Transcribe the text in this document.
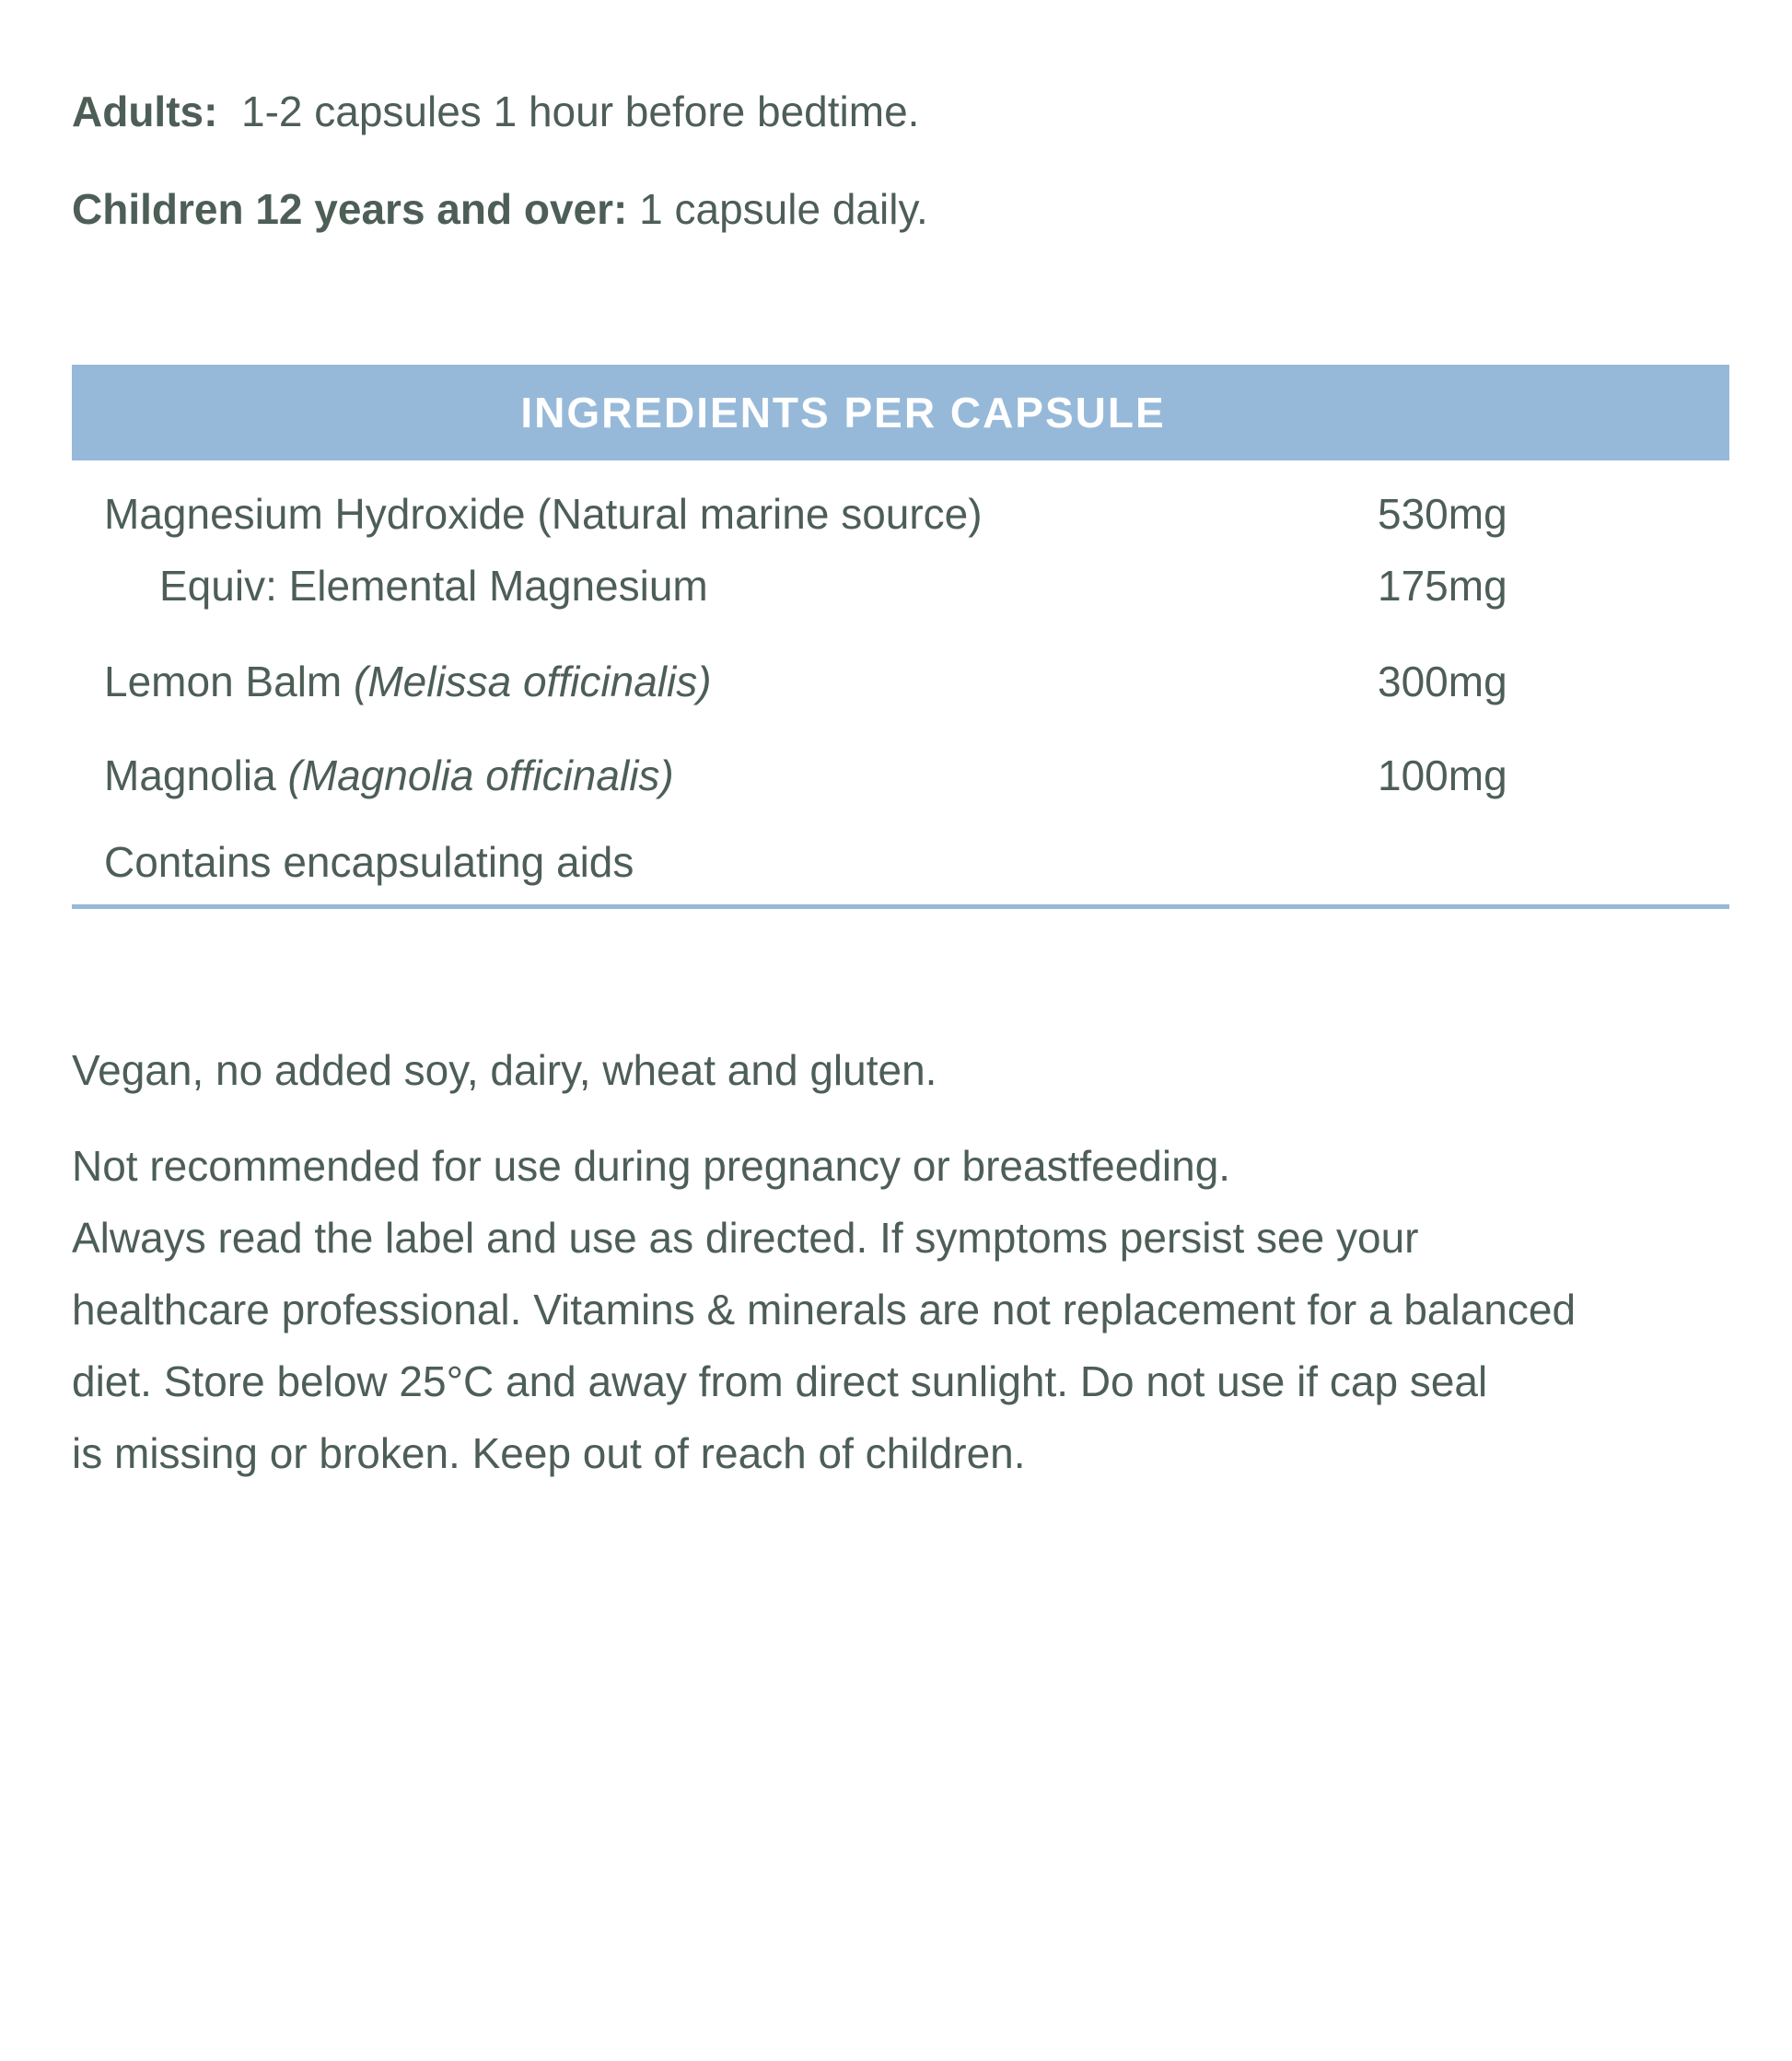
Adults: 1-2 capsules 1 hour before bedtime.
Children 12 years and over: 1 capsule daily.
INGREDIENTS PER CAPSULE
Magnesium Hydroxide (Natural marine source)	530mg
Equiv: Elemental Magnesium	175mg
Lemon Balm (Melissa officinalis)	300mg
Magnolia (Magnolia officinalis)	100mg
Contains encapsulating aids
Vegan, no added soy, dairy, wheat and gluten.
Not recommended for use during pregnancy or breastfeeding.
Always read the label and use as directed. If symptoms persist see your
healthcare professional. Vitamins & minerals are not replacement for a balanced
diet. Store below 25°C and away from direct sunlight. Do not use if cap seal
is missing or broken. Keep out of reach of children.
